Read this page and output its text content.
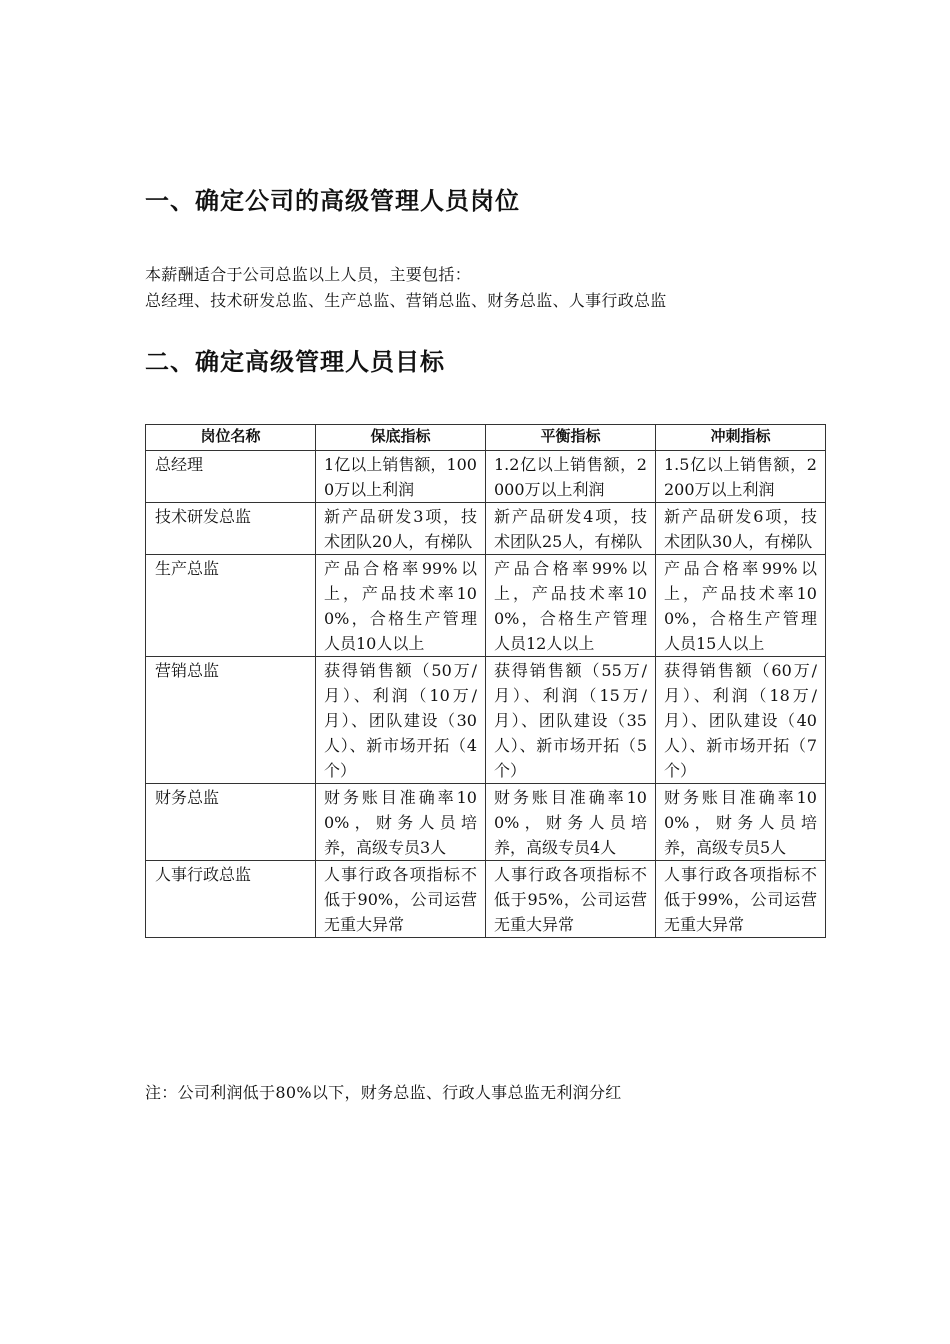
一、确定公司的高级管理人员岗位
本薪酬适合于公司总监以上人员，主要包括：
总经理、技术研发总监、生产总监、营销总监、财务总监、人事行政总监
二、确定高级管理人员目标
岗位名称	保底指标	平衡指标	冲刺指标
总经理	1亿以上销售额，1000万以上利润	1.2亿以上销售额，2000万以上利润	1.5亿以上销售额，2200万以上利润
技术研发总监	新产品研发3项，技术团队20人，有梯队	新产品研发4项，技术团队25人，有梯队	新产品研发6项，技术团队30人，有梯队
生产总监	产品合格率99%以上，产品技术率100%，合格生产管理人员10人以上	产品合格率99%以上，产品技术率100%，合格生产管理人员12人以上	产品合格率99%以上，产品技术率100%，合格生产管理人员15人以上
营销总监	获得销售额（50万/月）、利润（10万/月）、团队建设（30人）、新市场开拓（4个）	获得销售额（55万/月）、利润（15万/月）、团队建设（35人）、新市场开拓（5个）	获得销售额（60万/月）、利润（18万/月）、团队建设（40人）、新市场开拓（7个）
财务总监	财务账目准确率100%，财务人员培养，高级专员3人	财务账目准确率100%，财务人员培养，高级专员4人	财务账目准确率100%，财务人员培养，高级专员5人
人事行政总监	人事行政各项指标不低于90%，公司运营无重大异常	人事行政各项指标不低于95%，公司运营无重大异常	人事行政各项指标不低于99%，公司运营无重大异常
注：公司利润低于80%以下，财务总监、行政人事总监无利润分红
